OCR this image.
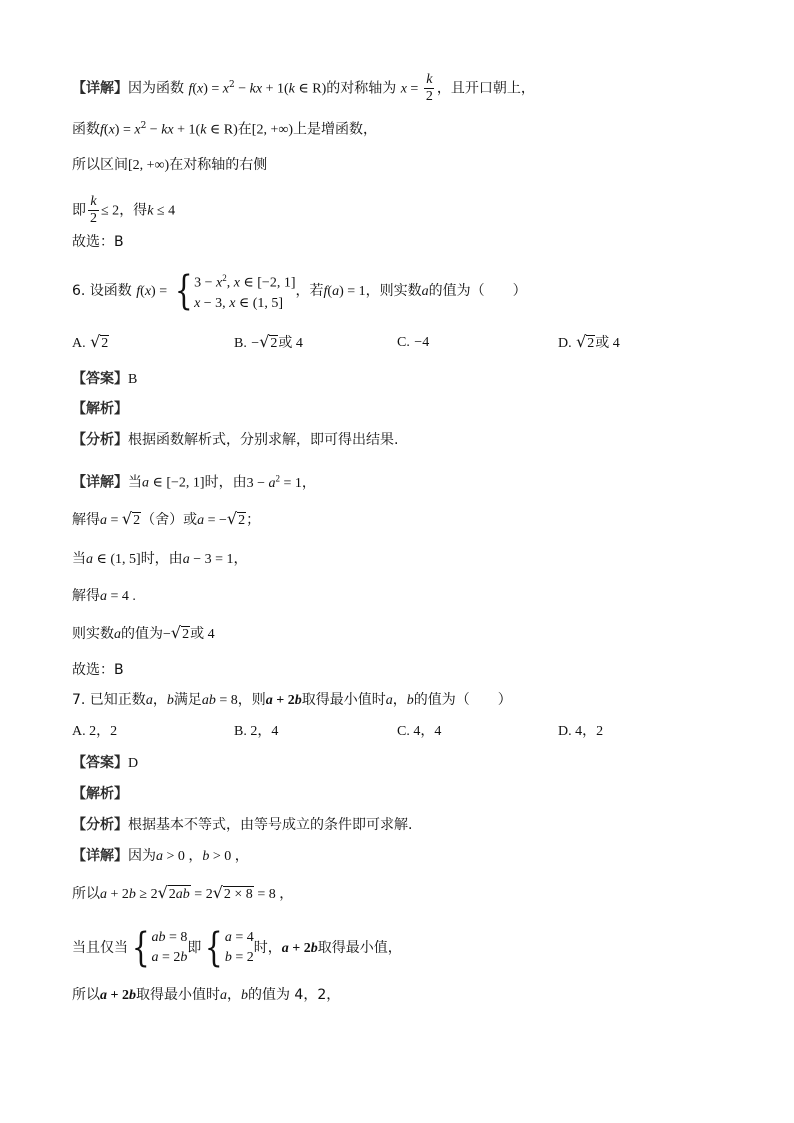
【详解】因为函数 $f(x) = x^2$ − kx + 1(k ∈ R)的对称轴为 $x = \frac{k}{2}$ ，且开口朝上，
函数$f(x) = x^2$ − kx + 1(k ∈ R)在[2, +∞)上是增函数，
所以区间[2, +∞)在对称轴的右侧
即 $\frac{k}{2} \le 2$，得k ≤ 4
故选：B
6. 设函数 f(x) = { $3 - x^2$, x ∈ [−2, 1]
x − 3, x ∈ (1, 5]
，若f(a) = 1，则实数a的值为（　　）
A. √2	B. −√2或 4	C. −4	D. √2或 4
【答案】B
【解析】
【分析】根据函数解析式，分别求解，即可得出结果.
【详解】当a ∈ [−2, 1]时，由$3 - a^2 = 1$，
解得a = √2（舍）或a = −√2；
当a ∈ (1, 5]时，由a − 3 = 1，
解得a = 4 .
则实数a的值为−√2或 4
故选：B
7. 已知正数a，b满足ab = 8，则a + 2b取得最小值时a，b的值为（　　）
A. 2，2	B. 2，4	C. 4，4	D. 4，2
【答案】D
【解析】
【分析】根据基本不等式，由等号成立的条件即可求解.
【详解】因为a > 0 ，b > 0 ，
所以a + 2b ≥ 2√2ab = 2√2 × 8 = 8 ，
当且仅当{ ab = 8
a = 2b
即{ a = 4
b = 2
时，a + 2b取得最小值，
所以a + 2b取得最小值时a，b的值为 4，2，
